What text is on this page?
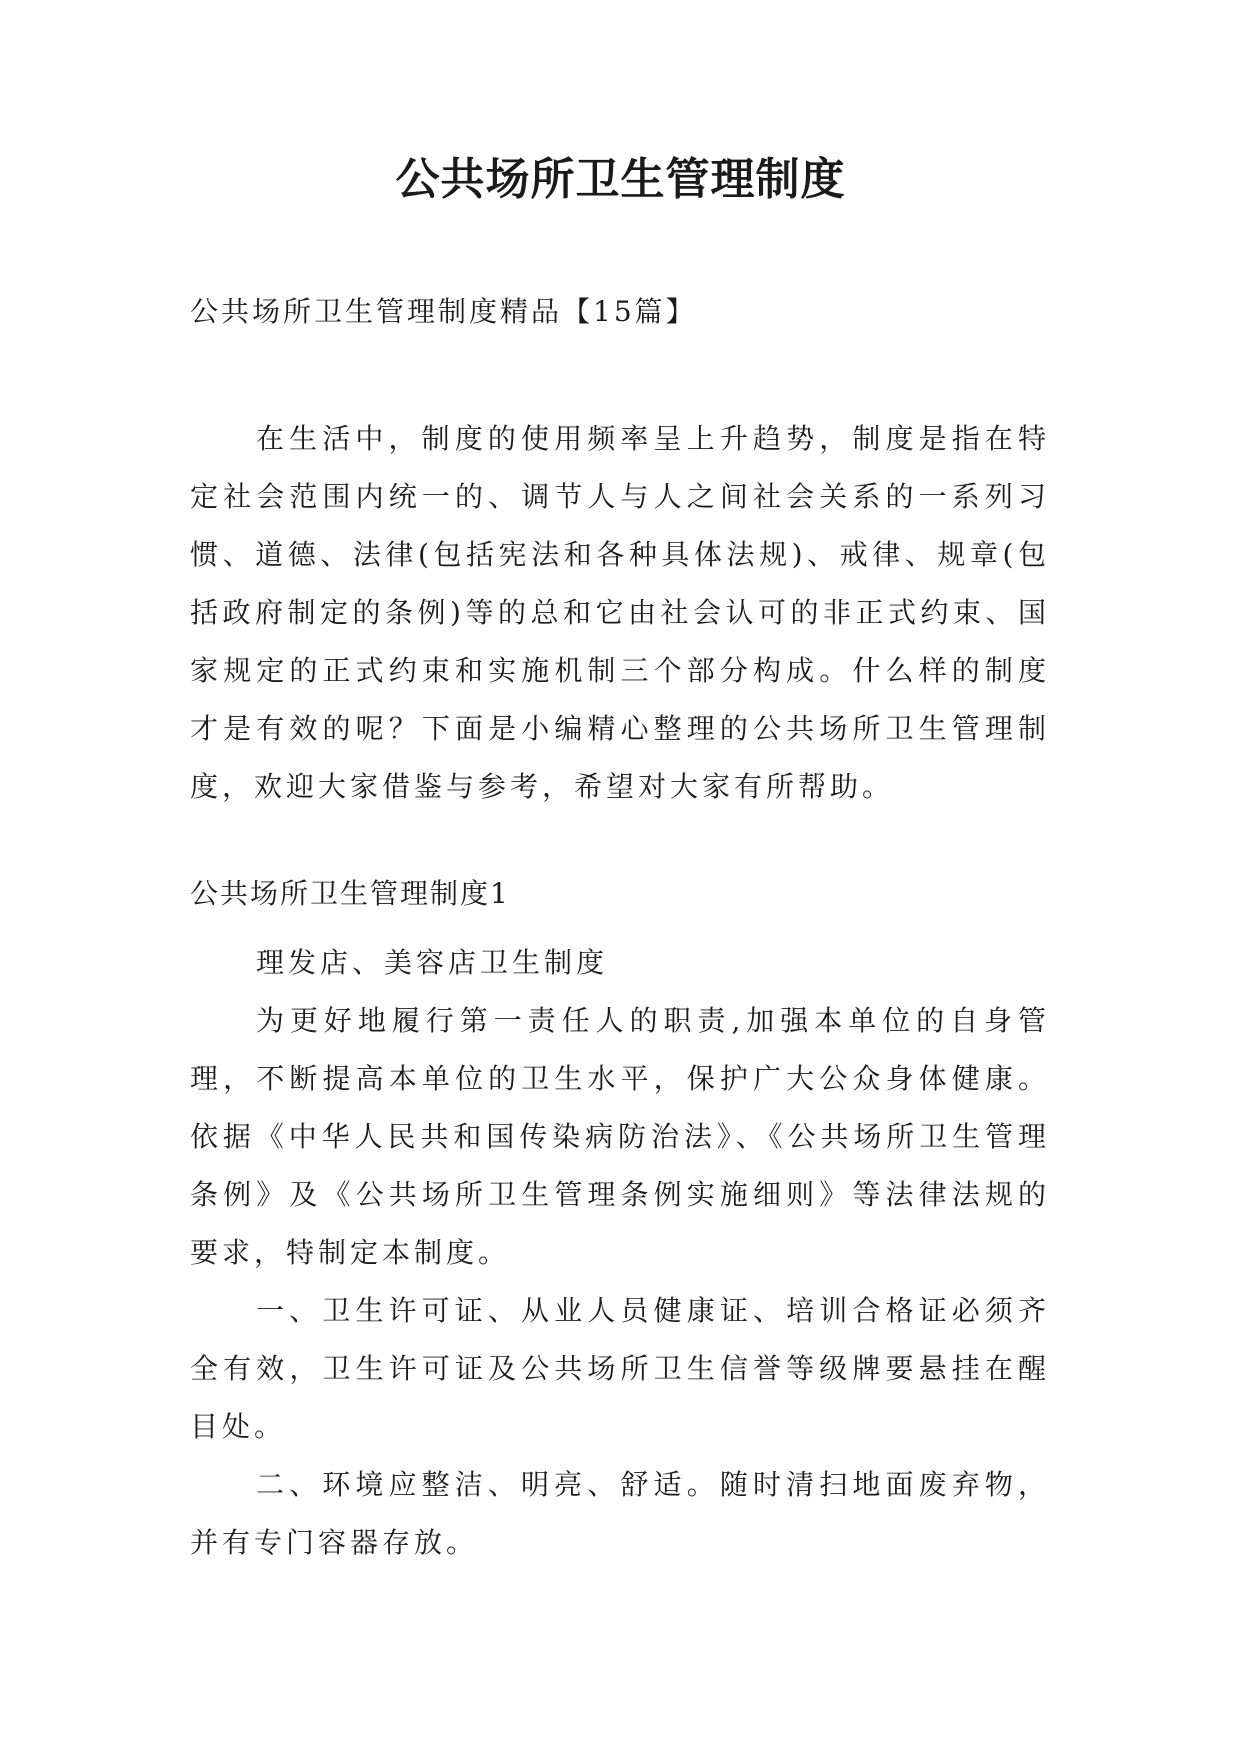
公共场所卫生管理制度
公共场所卫生管理制度精品【15篇】

在生活中，制度的使用频率呈上升趋势，制度是指在特定社会范围内统一的、调节人与人之间社会关系的一系列习惯、道德、法律(包括宪法和各种具体法规)、戒律、规章(包括政府制定的条例)等的总和它由社会认可的非正式约束、国家规定的正式约束和实施机制三个部分构成。什么样的制度才是有效的呢？下面是小编精心整理的公共场所卫生管理制度，欢迎大家借鉴与参考，希望对大家有所帮助。

公共场所卫生管理制度1

理发店、美容店卫生制度

为更好地履行第一责任人的职责,加强本单位的自身管理，不断提高本单位的卫生水平，保护广大公众身体健康。依据《中华人民共和国传染病防治法》、《公共场所卫生管理条例》及《公共场所卫生管理条例实施细则》等法律法规的要求，特制定本制度。

一、卫生许可证、从业人员健康证、培训合格证必须齐全有效，卫生许可证及公共场所卫生信誉等级牌要悬挂在醒目处。

二、环境应整洁、明亮、舒适。随时清扫地面废弃物，并有专门容器存放。
